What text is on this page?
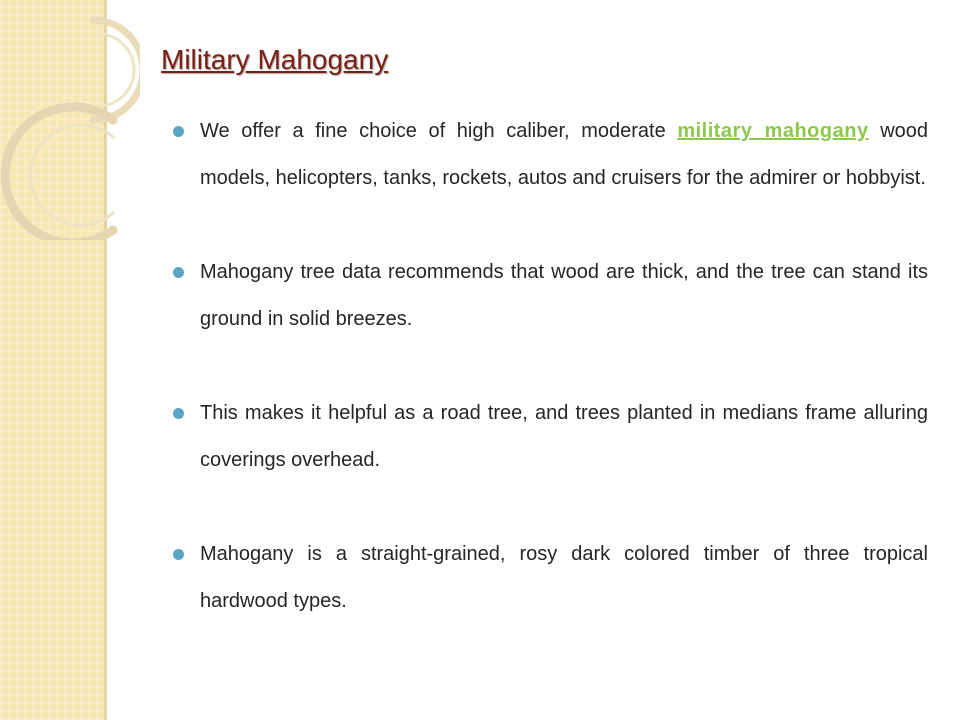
Military Mahogany
We offer a fine choice of high caliber, moderate military mahogany wood models, helicopters, tanks, rockets, autos and cruisers for the admirer or hobbyist.
Mahogany tree data recommends that wood are thick, and the tree can stand its ground in solid breezes.
This makes it helpful as a road tree, and trees planted in medians frame alluring coverings overhead.
Mahogany is a straight-grained, rosy dark colored timber of three tropical hardwood types.
